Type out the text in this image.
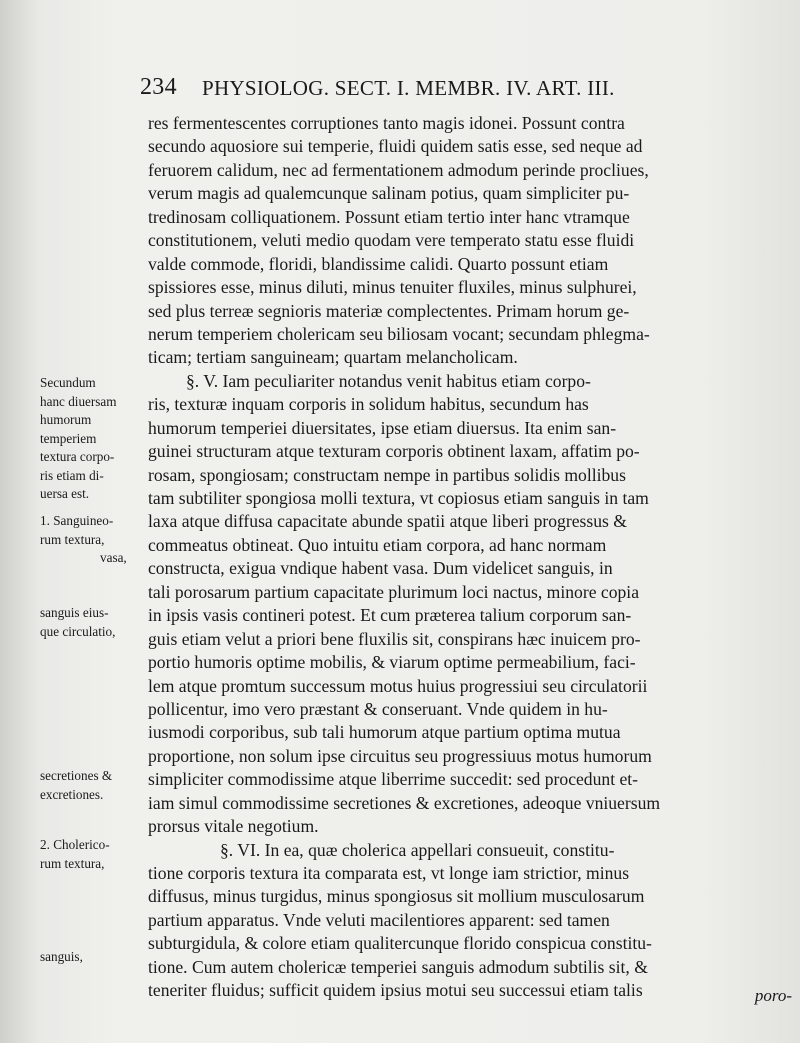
234 PHYSIOLOG. SECT. I. MEMBR. IV. ART. III.
res fermentescentes corruptiones tanto magis idonei. Possunt contra
secundo aquosiore sui temperie, fluidi quidem satis esse, sed neque ad
feruorem calidum, nec ad fermentationem admodum perinde procliues,
verum magis ad qualemcunque salinam potius, quam simpliciter pu-
tredinosam colliquationem. Possunt etiam tertio inter hanc vtramque
constitutionem, veluti medio quodam vere temperato statu esse fluidi
valde commode, floridi, blandissime calidi. Quarto possunt etiam
spissiores esse, minus diluti, minus tenuiter fluxiles, minus sulphurei,
sed plus terreæ segnioris materiæ complectentes. Primam horum ge-
nerum temperiem cholericam seu biliosam vocant; secundam phlegma-
ticam; tertiam sanguineam; quartam melancholicam.
§. V. Iam peculiariter notandus venit habitus etiam corpo-
ris, texturæ inquam corporis in solidum habitus, secundum has
humorum temperiei diuersitates, ipse etiam diuersus. Ita enim san-
guinei structuram atque texturam corporis obtinent laxam, affatim po-
rosam, spongiosam; constructam nempe in partibus solidis mollibus
tam subtiliter spongiosa molli textura, vt copiosus etiam sanguis in tam
laxa atque diffusa capacitate abunde spatii atque liberi progressus &
commeatus obtineat. Quo intuitu etiam corpora, ad hanc normam
constructa, exigua vndique habent vasa. Dum videlicet sanguis, in
tali porosarum partium capacitate plurimum loci nactus, minore copia
in ipsis vasis contineri potest. Et cum præterea talium corporum san-
guis etiam velut a priori bene fluxilis sit, conspirans hæc inuicem pro-
portio humoris optime mobilis, & viarum optime permeabilium, faci-
lem atque promtum successum motus huius progressiui seu circulatorii
pollicentur, imo vero præstant & conseruant. Vnde quidem in hu-
iusmodi corporibus, sub tali humorum atque partium optima mutua
proportione, non solum ipse circuitus seu progressiuus motus humorum
simpliciter commodissime atque liberrime succedit: sed procedunt et-
iam simul commodissime secretiones & excretiones, adeoque vniuersum
prorsus vitale negotium.
§. VI. In ea, quæ cholerica appellari consueuit, constitu-
tione corporis textura ita comparata est, vt longe iam strictior, minus
diffusus, minus turgidus, minus spongiosus sit mollium musculosarum
partium apparatus. Vnde veluti macilentiores apparent: sed tamen
subturgidula, & colore etiam qualitercunque florido conspicua constitu-
tione. Cum autem cholericæ temperiei sanguis admodum subtilis sit, &
teneriter fluidus; sufficit quidem ipsius motui seu successui etiam talis	poro-
Secundum
hanc diuersam
humorum
temperiem
textura corpo-
ris etiam di-
uersa est.
1. Sanguineo-
rum textura,
vasa,
sanguis eius-
que circulatio,
secretiones &
excretiones.
2. Cholerico-
rum textura,
sanguis,
